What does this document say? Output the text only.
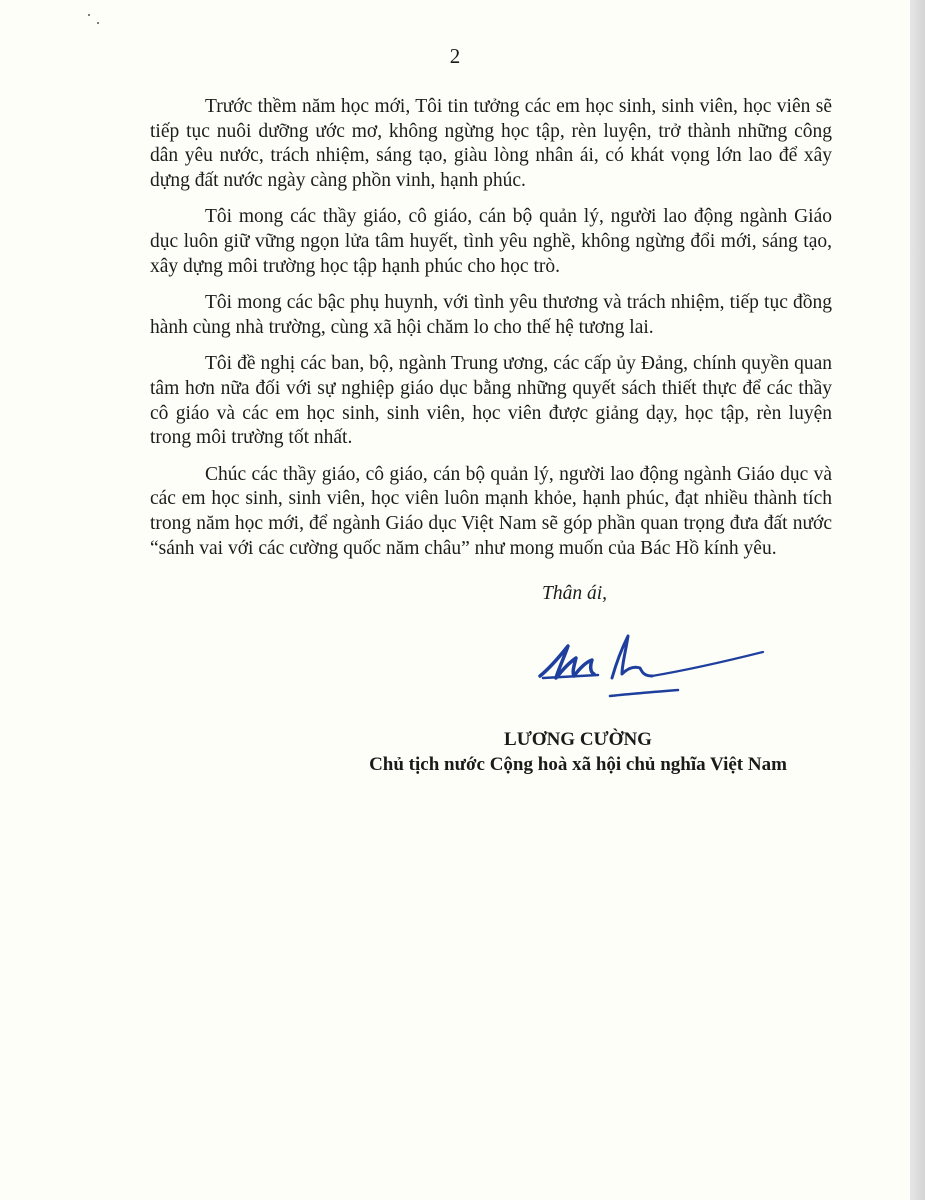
2

Trước thềm năm học mới, Tôi tin tưởng các em học sinh, sinh viên, học viên sẽ tiếp tục nuôi dưỡng ước mơ, không ngừng học tập, rèn luyện, trở thành những công dân yêu nước, trách nhiệm, sáng tạo, giàu lòng nhân ái, có khát vọng lớn lao để xây dựng đất nước ngày càng phồn vinh, hạnh phúc.

Tôi mong các thầy giáo, cô giáo, cán bộ quản lý, người lao động ngành Giáo dục luôn giữ vững ngọn lửa tâm huyết, tình yêu nghề, không ngừng đổi mới, sáng tạo, xây dựng môi trường học tập hạnh phúc cho học trò.

Tôi mong các bậc phụ huynh, với tình yêu thương và trách nhiệm, tiếp tục đồng hành cùng nhà trường, cùng xã hội chăm lo cho thế hệ tương lai.

Tôi đề nghị các ban, bộ, ngành Trung ương, các cấp ủy Đảng, chính quyền quan tâm hơn nữa đối với sự nghiệp giáo dục bằng những quyết sách thiết thực để các thầy cô giáo và các em học sinh, sinh viên, học viên được giảng dạy, học tập, rèn luyện trong môi trường tốt nhất.

Chúc các thầy giáo, cô giáo, cán bộ quản lý, người lao động ngành Giáo dục và các em học sinh, sinh viên, học viên luôn mạnh khỏe, hạnh phúc, đạt nhiều thành tích trong năm học mới, để ngành Giáo dục Việt Nam sẽ góp phần quan trọng đưa đất nước “sánh vai với các cường quốc năm châu” như mong muốn của Bác Hồ kính yêu.

Thân ái,
LƯƠNG CƯỜNG
Chủ tịch nước Cộng hoà xã hội chủ nghĩa Việt Nam
